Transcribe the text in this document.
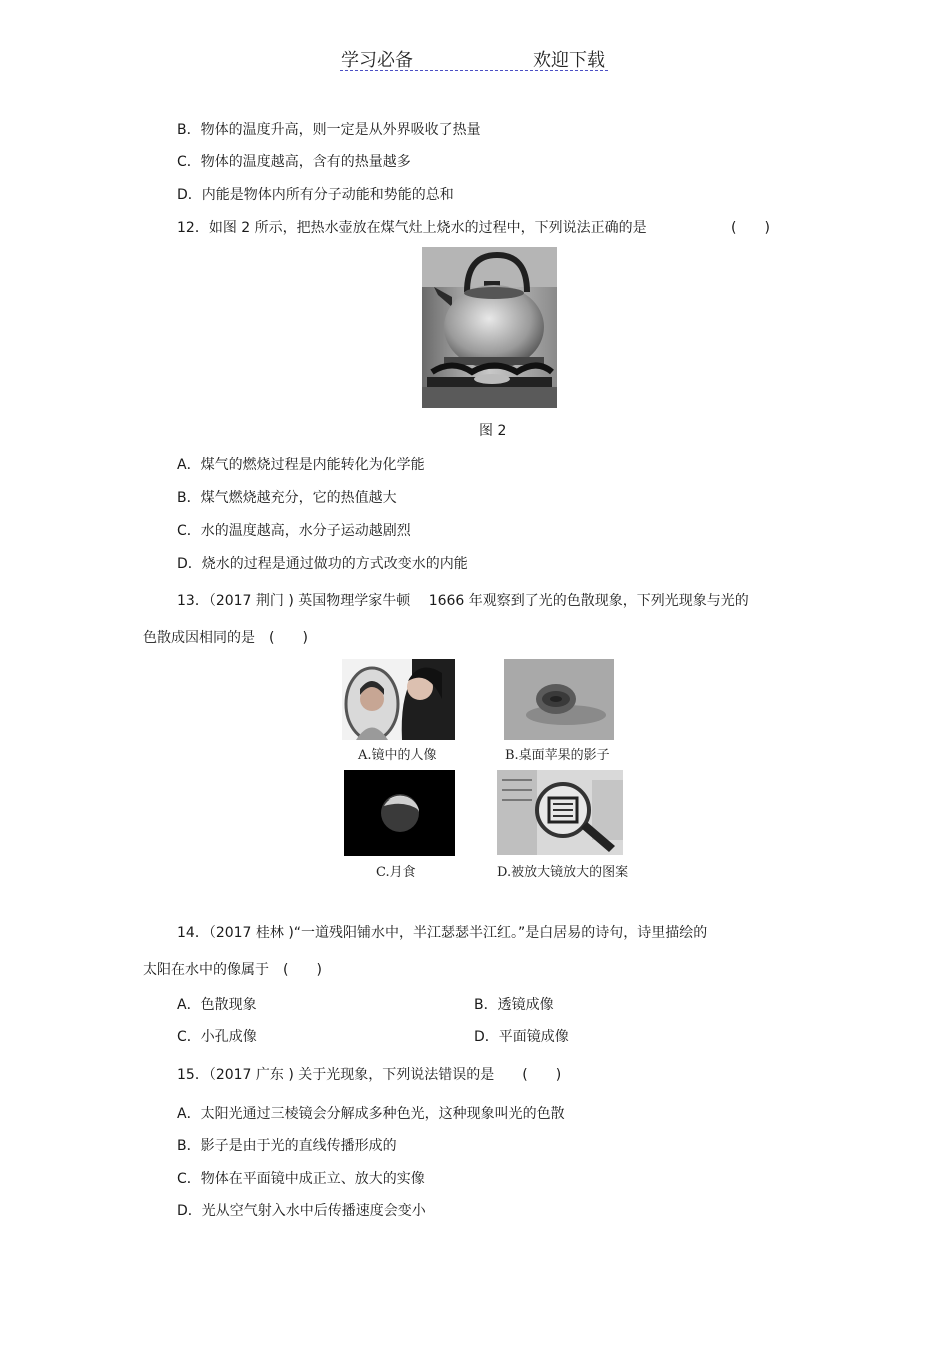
学习必备	欢迎下载
B．物体的温度升高，则一定是从外界吸收了热量
C．物体的温度越高，含有的热量越多
D．内能是物体内所有分子动能和势能的总和
12．如图 2 所示，把热水壶放在煤气灶上烧水的过程中，下列说法正确的是	(　　)
图 2
A．煤气的燃烧过程是内能转化为化学能
B．煤气燃烧越充分，它的热值越大
C．水的温度越高，水分子运动越剧烈
D．烧水的过程是通过做功的方式改变水的内能
13．（2017 荆门 ) 英国物理学家牛顿　 1666 年观察到了光的色散现象，下列光现象与光的
色散成因相同的是　(　　)
A.镜中的人像	B.桌面苹果的影子
C.月食	D.被放大镜放大的图案
14．（2017 桂林 )“一道残阳铺水中，半江瑟瑟半江红。”是白居易的诗句，诗里描绘的
太阳在水中的像属于　(　　)
A．色散现象	B．透镜成像
C．小孔成像	D．平面镜成像
15．（2017 广东 ) 关于光现象，下列说法错误的是　　(　　)
A．太阳光通过三棱镜会分解成多种色光，这种现象叫光的色散
B．影子是由于光的直线传播形成的
C．物体在平面镜中成正立、放大的实像
D．光从空气射入水中后传播速度会变小
